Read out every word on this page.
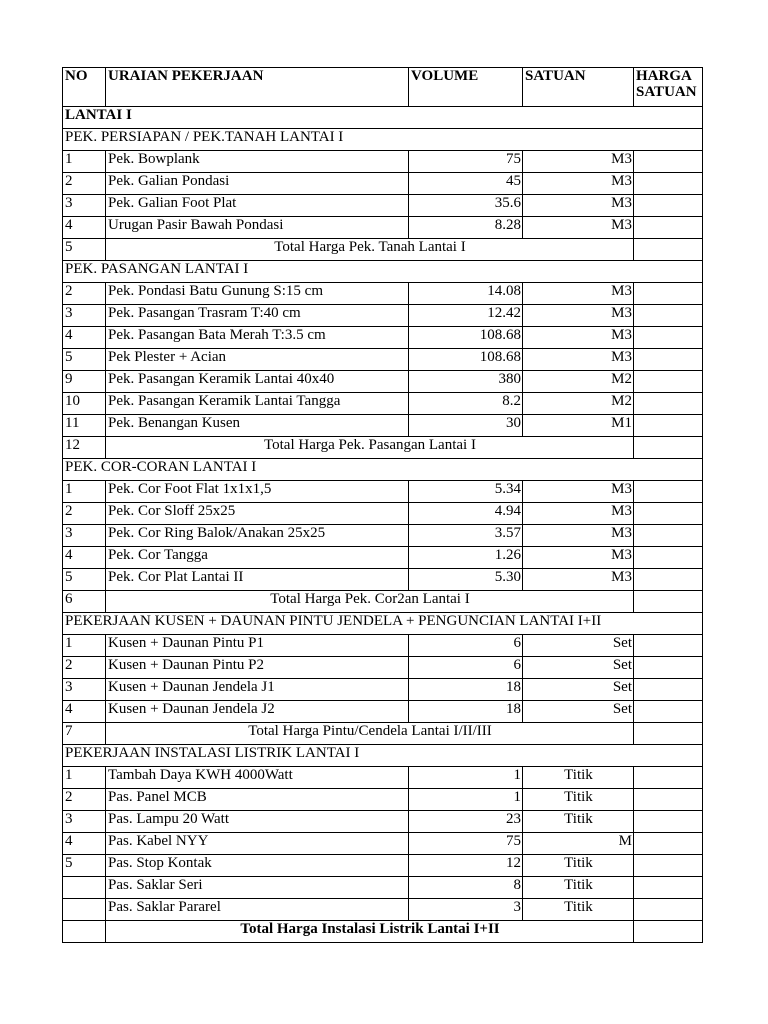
NO	URAIAN PEKERJAAN	VOLUME	SATUAN	HARGA
SATUAN

LANTAI I				
PEK. PERSIAPAN / PEK.TANAH LANTAI I				
1	Pek. Bowplank	75	M3	
2	Pek. Galian Pondasi	45	M3	
3	Pek. Galian Foot Plat	35.6	M3	
4	Urugan Pasir Bawah Pondasi	8.28	M3	
5	Total Harga Pek. Tanah Lantai I			
PEK. PASANGAN LANTAI I				
2	Pek. Pondasi Batu Gunung S:15 cm	14.08	M3	
3	Pek. Pasangan Trasram T:40 cm	12.42	M3	
4	Pek. Pasangan Bata Merah T:3.5 cm	108.68	M3	
5	Pek Plester + Acian	108.68	M3	
9	Pek. Pasangan Keramik Lantai 40x40	380	M2	
10	Pek. Pasangan Keramik Lantai Tangga	8.2	M2	
11	Pek. Benangan Kusen	30	M1	
12	Total Harga Pek. Pasangan Lantai I			
PEK. COR-CORAN LANTAI I				
1	Pek. Cor Foot Flat 1x1x1,5	5.34	M3	
2	Pek. Cor Sloff 25x25	4.94	M3	
3	Pek. Cor Ring Balok/Anakan 25x25	3.57	M3	
4	Pek. Cor Tangga	1.26	M3	
5	Pek. Cor Plat Lantai II	5.30	M3	
6	Total Harga Pek. Cor2an Lantai I			
PEKERJAAN KUSEN + DAUNAN PINTU JENDELA + PENGUNCIAN LANTAI I+II				
1	Kusen + Daunan Pintu P1	6	Set	
2	Kusen + Daunan Pintu P2	6	Set	
3	Kusen + Daunan Jendela J1	18	Set	
4	Kusen + Daunan Jendela J2	18	Set	
7	Total Harga Pintu/Cendela Lantai I/II/III			
PEKERJAAN INSTALASI LISTRIK LANTAI I				
1	Tambah Daya KWH 4000Watt	1	Titik	
2	Pas. Panel MCB	1	Titik	
3	Pas. Lampu 20 Watt	23	Titik	
4	Pas. Kabel NYY	75	M	
5	Pas. Stop Kontak	12	Titik	
	Pas. Saklar Seri	8	Titik	
	Pas. Saklar Pararel	3	Titik	
	Total Harga Instalasi Listrik Lantai I+II			
